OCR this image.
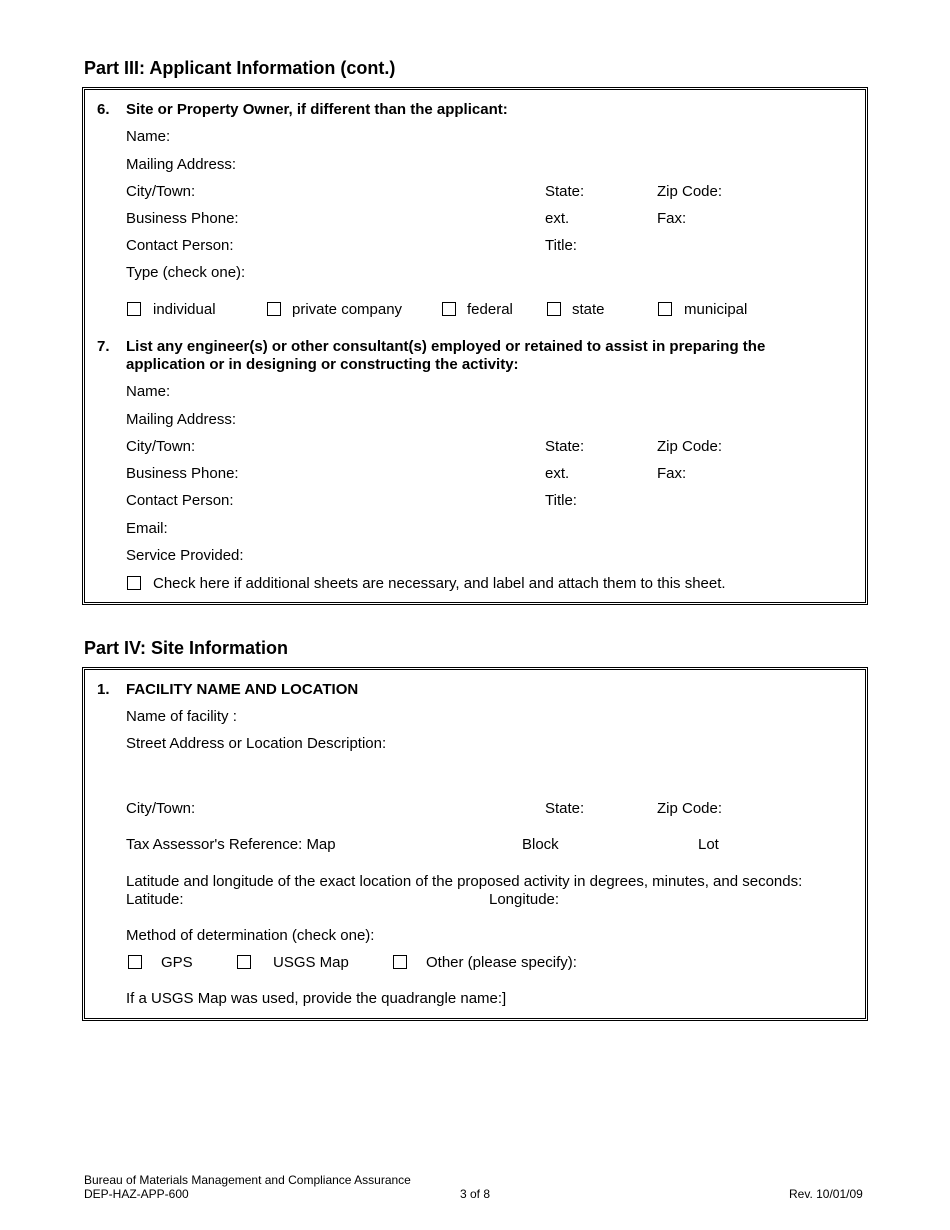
Part III: Applicant Information (cont.)
6. Site or Property Owner, if different than the applicant:
Name:
Mailing Address:
City/Town:	State:	Zip Code:
Business Phone:	ext.	Fax:
Contact Person:	Title:
Type (check one):
individual	private company	federal	state	municipal
7. List any engineer(s) or other consultant(s) employed or retained to assist in preparing the
application or in designing or constructing the activity:
Name:
Mailing Address:
City/Town:	State:	Zip Code:
Business Phone:	ext.	Fax:
Contact Person:	Title:
Email:
Service Provided:
Check here if additional sheets are necessary, and label and attach them to this sheet.
Part IV: Site Information
1. FACILITY NAME AND LOCATION
Name of facility :
Street Address or Location Description:
City/Town:	State:	Zip Code:
Tax Assessor's Reference: Map	Block	Lot
Latitude and longitude of the exact location of the proposed activity in degrees, minutes, and seconds:
Latitude:	Longitude:
Method of determination (check one):
GPS	USGS Map	Other (please specify):
If a USGS Map was used, provide the quadrangle name:]
Bureau of Materials Management and Compliance Assurance
DEP-HAZ-APP-600	3 of 8	Rev. 10/01/09
